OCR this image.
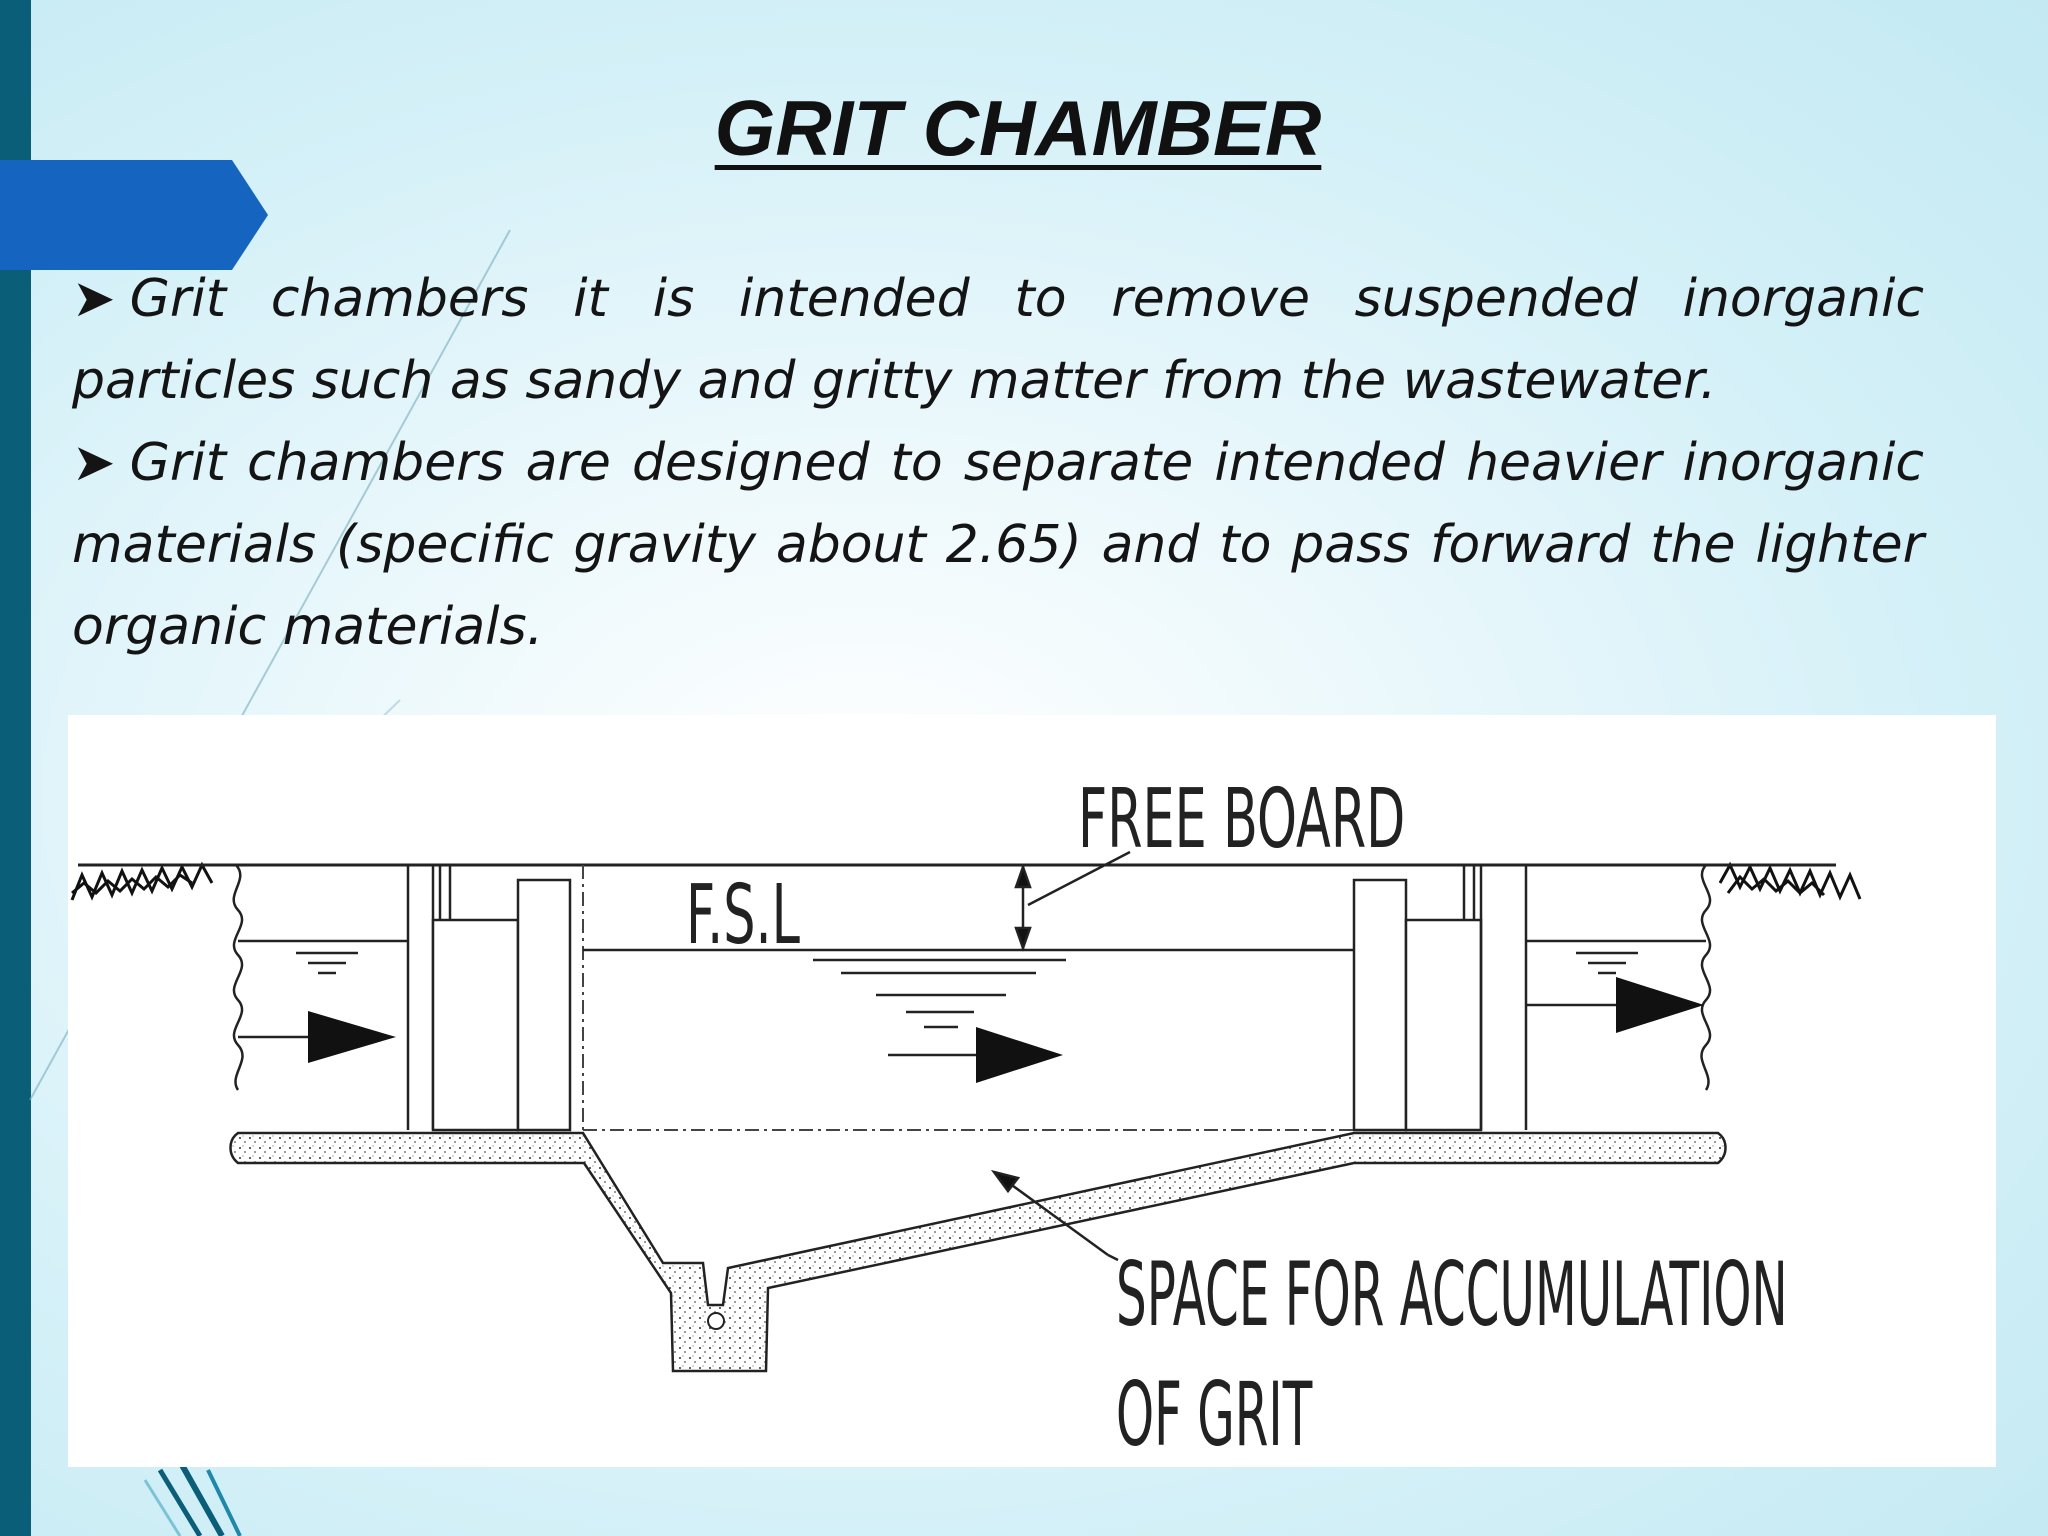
GRIT CHAMBER

➤ Grit chambers it is intended to remove suspended inorganic particles such as sandy and gritty matter from the wastewater.

➤ Grit chambers are designed to separate intended heavier inorganic materials (specific gravity about 2.65) and to pass forward the lighter organic materials.

FREE BOARD
F.S.L
SPACE FOR ACCUMULATION
OF GRIT
